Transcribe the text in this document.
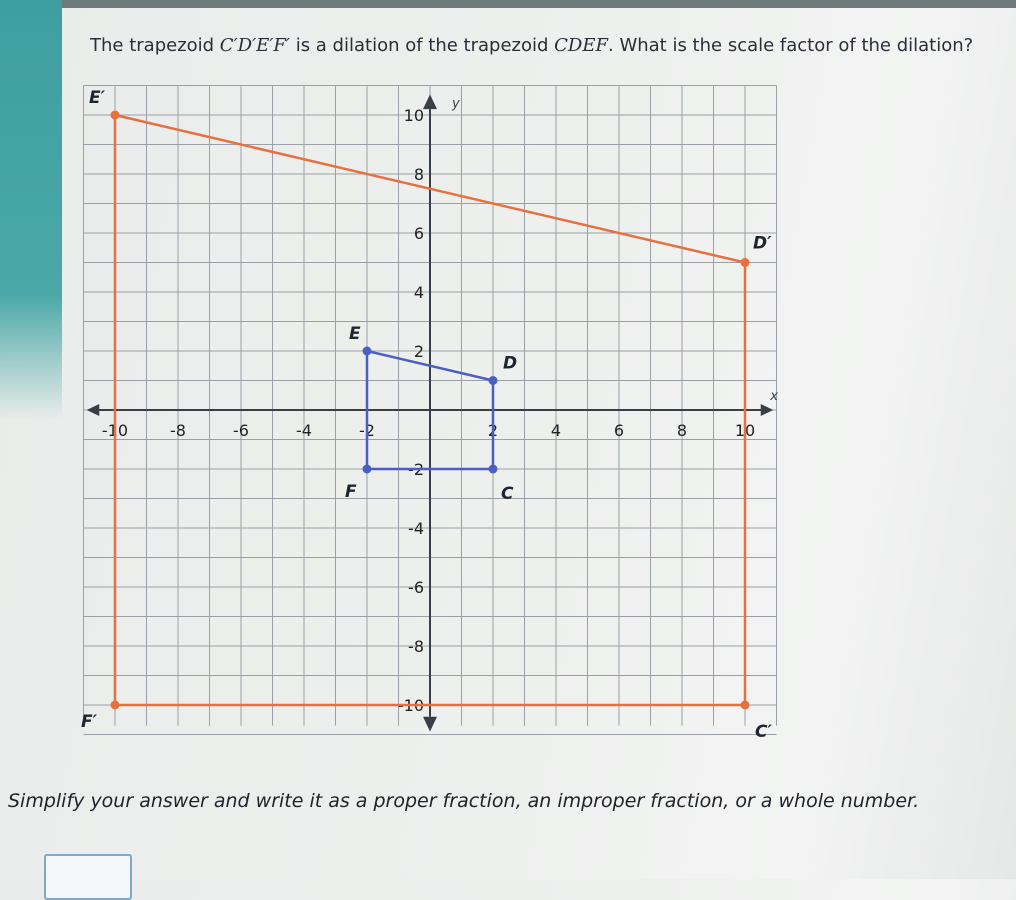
The trapezoid C′D′E′F′ is a dilation of the trapezoid CDEF. What is the scale factor of the dilation?
x
y
-10	-8	-6	-4	-2	2	4	6	8	10
10
8
6
4
2
-2
-4
-6
-8
-10
C
D
E
F
C′
D′
E′
F′
Simplify your answer and write it as a proper fraction, an improper fraction, or a whole number.
